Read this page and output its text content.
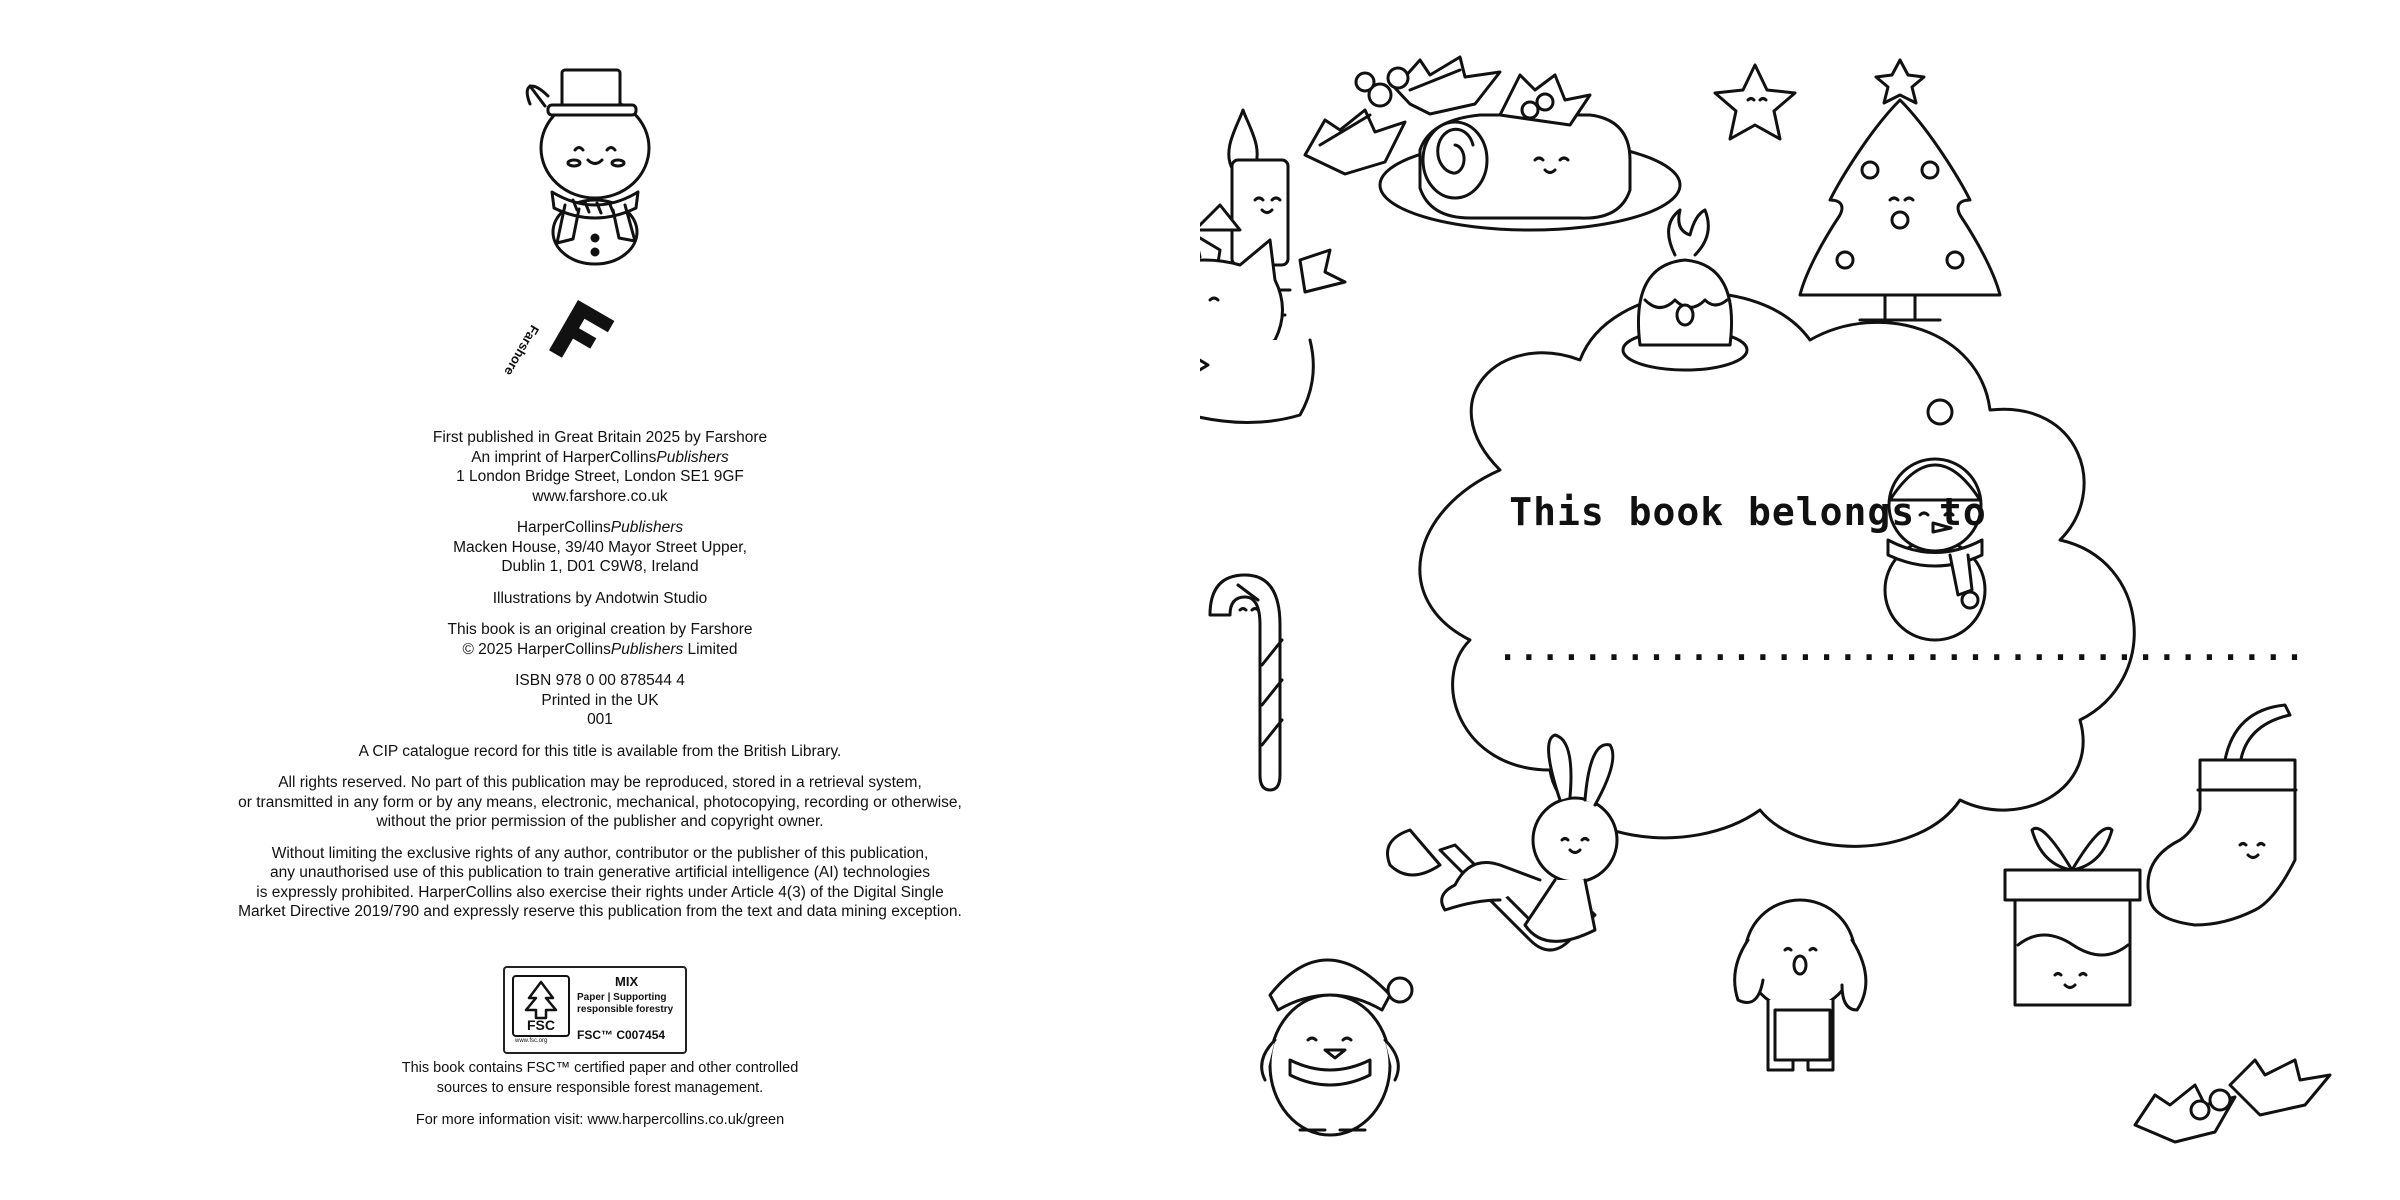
Farshore

First published in Great Britain 2025 by Farshore
An imprint of HarperCollinsPublishers
1 London Bridge Street, London SE1 9GF
www.farshore.co.uk

HarperCollinsPublishers
Macken House, 39/40 Mayor Street Upper,
Dublin 1, D01 C9W8, Ireland

Illustrations by Andotwin Studio

This book is an original creation by Farshore
© 2025 HarperCollinsPublishers Limited

ISBN 978 0 00 878544 4
Printed in the UK
001

A CIP catalogue record for this title is available from the British Library.

All rights reserved. No part of this publication may be reproduced, stored in a retrieval system,
or transmitted in any form or by any means, electronic, mechanical, photocopying, recording or otherwise,
without the prior permission of the publisher and copyright owner.

Without limiting the exclusive rights of any author, contributor or the publisher of this publication,
any unauthorised use of this publication to train generative artificial intelligence (AI) technologies
is expressly prohibited. HarperCollins also exercise their rights under Article 4(3) of the Digital Single
Market Directive 2019/790 and expressly reserve this publication from the text and data mining exception.

FSC
MIX
Paper | Supporting responsible forestry
FSC™ C007454
www.fsc.org
This book contains FSC™ certified paper and other controlled
sources to ensure responsible forest management.
For more information visit: www.harpercollins.co.uk/green
This book belongs to
......................................
